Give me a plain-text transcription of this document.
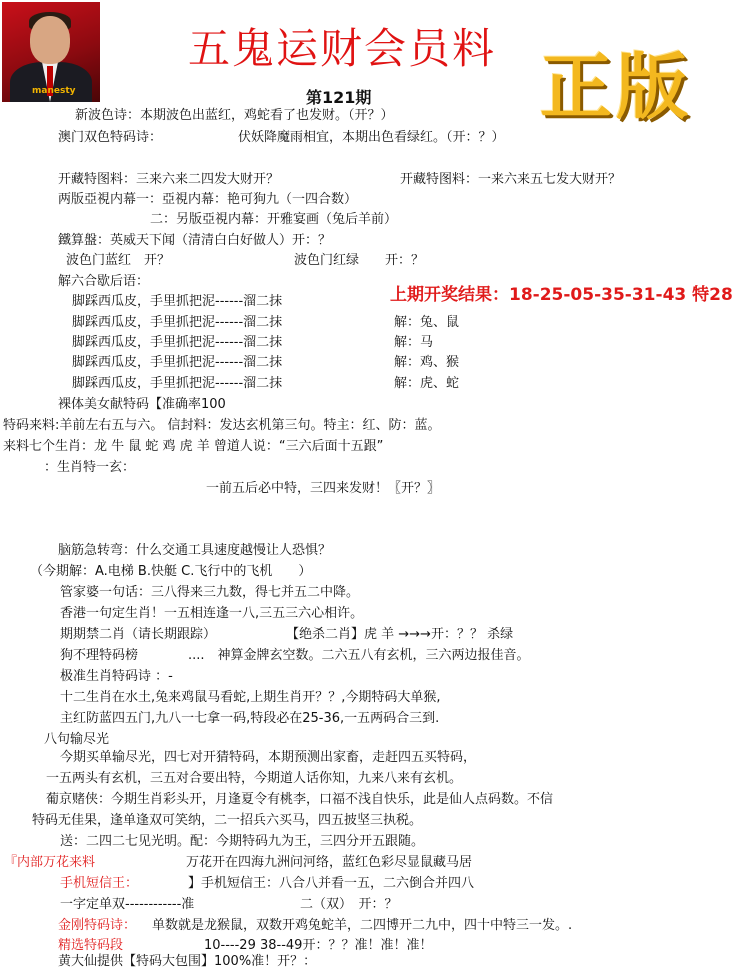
manesty
五鬼运财会员料
第121期 正版
上期开奖结果：18-25-05-35-31-43 特28
新波色诗：本期波色出蓝红，鸡蛇看了也发财。（开？）
澳门双色特码诗：	伏妖降魔雨相宜，本期出色看绿红。（开：？）
开藏特图料：三来六来二四发大财开？	开藏特图料：一来六来五七发大财开？
两版亞視内幕一：亞視内幕：艳可狗九（一四合数）
二：另版亞視内幕：开雅宴画（兔后羊前）
鐵算盤：英威天下闻（清清白白好做人）开：？
波色门蓝红　开？	波色门红绿　　开：？
解六合歇后语：
脚踩西瓜皮，手里抓把泥------溜二抹
脚踩西瓜皮，手里抓把泥------溜二抹	解：兔、鼠
脚踩西瓜皮，手里抓把泥------溜二抹	解：马
脚踩西瓜皮，手里抓把泥------溜二抹	解：鸡、猴
脚踩西瓜皮，手里抓把泥------溜二抹	解：虎、蛇
裸体美女献特码【准确率100
特码来料:羊前左右五与六。 信封料：发达玄机第三句。特主：红、防：蓝。
来料七个生肖：龙 牛 鼠 蛇 鸡 虎 羊 曾道人说：“三六后面十五跟”
：生肖特一玄：
一前五后必中特，三四来发财！〖开？〗
脑筋急转弯：什么交通工具速度越慢让人恐惧？
（今期解：A.电梯 B.快艇 C.飞行中的飞机　　）
管家婆一句话：三八得来三九数，得七并五二中降。
香港一句定生肖！一五相连逢一八,三五三六心相许。
期期禁二肖（请长期跟踪）	【绝杀二肖】虎 羊 →→→开：？？ 杀绿
狗不理特码榜	....　神算金牌玄空数。二六五八有玄机，三六两边报佳音。
极准生肖特码诗 ：-
十二生肖在水土,兔来鸡鼠马看蛇,上期生肖开？？,今期特码大单猴,
主红防蓝四五门,九八一七拿一码,特段必在25-36,一五两码合三到.
八句输尽光
今期买单输尽光，四七对开猜特码，本期预测出家畜，走赶四五买特码，
一五两头有玄机，三五对合要出特，今期道人话你知，九来八来有玄机。
葡京赌侠：今期生肖彩头开，月逢夏令有桃李，口福不浅自快乐，此是仙人点码数。不信
特码无佳果，逢单逢双可笑纳，二一招兵六买马，四五披坚三执税。
送：二四二七见光明。配：今期特码九为王，三四分开五跟随。
『内部万花来料	万花开在四海九洲问河络，蓝红色彩尽显鼠藏马居
手机短信王：	】手机短信王：八合八并看一五，二六倒合并四八
一字定单双------------准	二（双）　开：？
金刚特码诗： 单数就是龙猴鼠，双数开鸡兔蛇羊，二四博开二九中，四十中特三一发。.
精选特码段	10----29 38--49开：？？准！准！准！
黄大仙提供【特码大包围】100%准！开？：
